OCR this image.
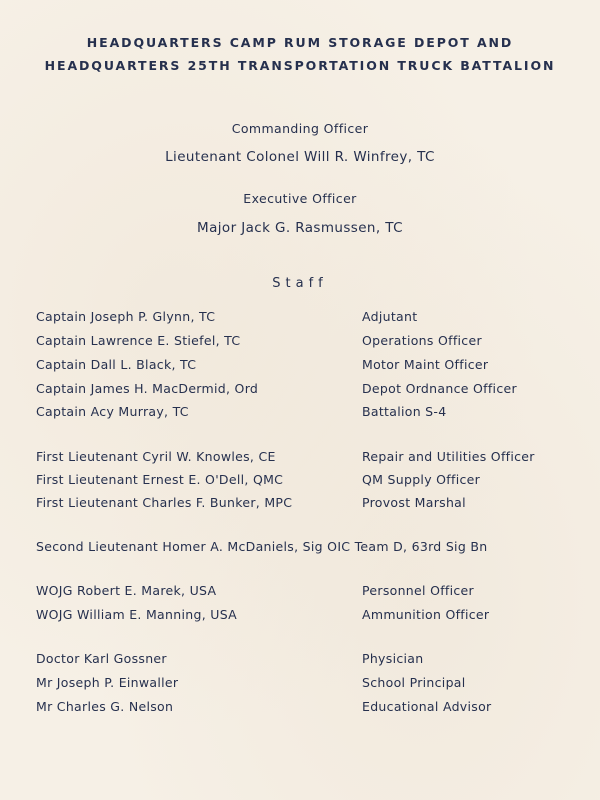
HEADQUARTERS CAMP RUM STORAGE DEPOT AND
HEADQUARTERS 25TH TRANSPORTATION TRUCK BATTALION
Commanding Officer
Lieutenant Colonel Will R. Winfrey, TC
Executive Officer
Major Jack G. Rasmussen, TC
Staff
Captain Joseph P. Glynn, TC	Adjutant
Captain Lawrence E. Stiefel, TC	Operations Officer
Captain Dall L. Black, TC	Motor Maint Officer
Captain James H. MacDermid, Ord	Depot Ordnance Officer
Captain Acy Murray, TC	Battalion S-4
First Lieutenant Cyril W. Knowles, CE	Repair and Utilities Officer
First Lieutenant Ernest E. O'Dell, QMC	QM Supply Officer
First Lieutenant Charles F. Bunker, MPC	Provost Marshal
Second Lieutenant Homer A. McDaniels, Sig OIC Team D, 63rd Sig Bn
WOJG Robert E. Marek, USA	Personnel Officer
WOJG William E. Manning, USA	Ammunition Officer
Doctor Karl Gossner	Physician
Mr Joseph P. Einwaller	School Principal
Mr Charles G. Nelson	Educational Advisor
